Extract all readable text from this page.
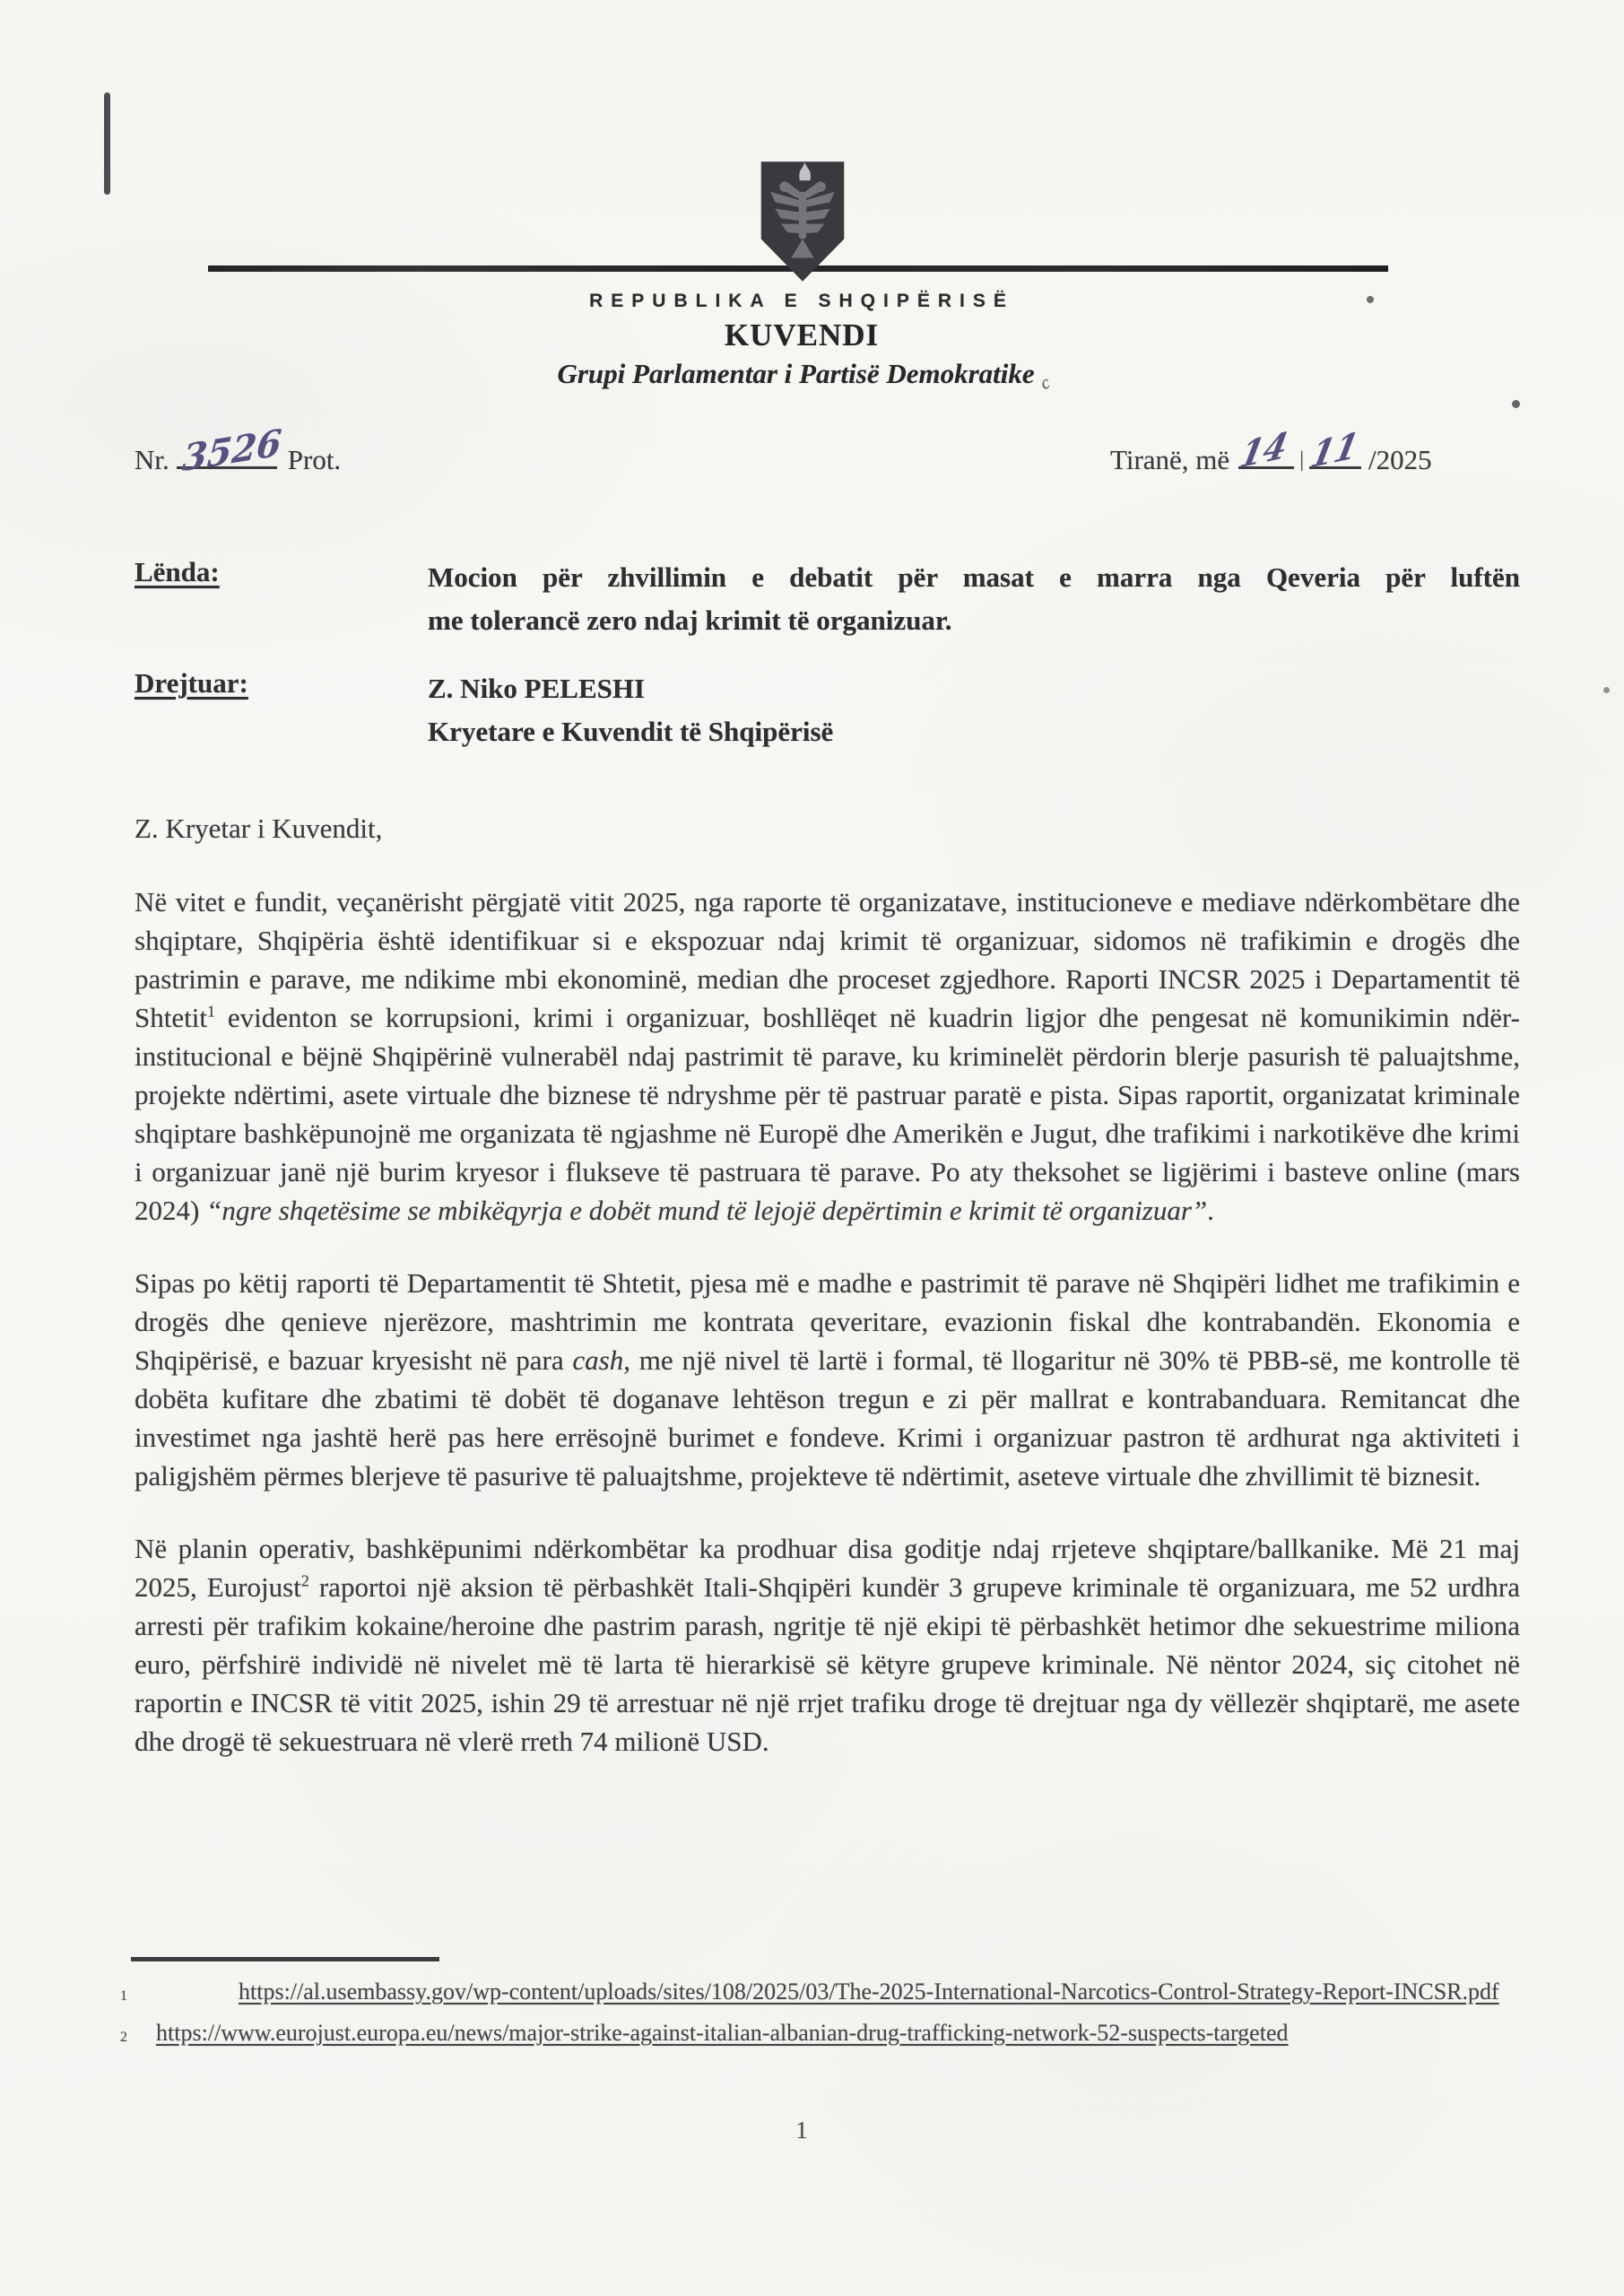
REPUBLIKA E SHQIPËRISË
KUVENDI
Grupi Parlamentar i Partisë Demokratike c
Nr. 3526 Prot.	Tiranë, më 14 | 11 /2025
Lënda:	Mocion për zhvillimin e debatit për masat e marra nga Qeveria për luftën
me tolerancë zero ndaj krimit të organizuar.
Drejtuar:	Z. Niko PELESHI
Kryetare e Kuvendit të Shqipërisë
Z. Kryetar i Kuvendit,

Në vitet e fundit, veçanërisht përgjatë vitit 2025, nga raporte të organizatave, institucioneve e mediave ndërkombëtare dhe shqiptare, Shqipëria është identifikuar si e ekspozuar ndaj krimit të organizuar, sidomos në trafikimin e drogës dhe pastrimin e parave, me ndikime mbi ekonominë, median dhe proceset zgjedhore. Raporti INCSR 2025 i Departamentit të Shtetit$^1$ evidenton se korrupsioni, krimi i organizuar, boshllëqet në kuadrin ligjor dhe pengesat në komunikimin ndër-institucional e bëjnë Shqipërinë vulnerabël ndaj pastrimit të parave, ku kriminelët përdorin blerje pasurish të paluajtshme, projekte ndërtimi, asete virtuale dhe biznese të ndryshme për të pastruar paratë e pista. Sipas raportit, organizatat kriminale shqiptare bashkëpunojnë me organizata të ngjashme në Europë dhe Amerikën e Jugut, dhe trafikimi i narkotikëve dhe krimi i organizuar janë një burim kryesor i flukseve të pastruara të parave. Po aty theksohet se ligjërimi i basteve online (mars 2024) “ngre shqetësime se mbikëqyrja e dobët mund të lejojë depërtimin e krimit të organizuar”.

Sipas po këtij raporti të Departamentit të Shtetit, pjesa më e madhe e pastrimit të parave në Shqipëri lidhet me trafikimin e drogës dhe qenieve njerëzore, mashtrimin me kontrata qeveritare, evazionin fiskal dhe kontrabandën. Ekonomia e Shqipërisë, e bazuar kryesisht në para cash, me një nivel të lartë i formal, të llogaritur në 30% të PBB-së, me kontrolle të dobëta kufitare dhe zbatimi të dobët të doganave lehtëson tregun e zi për mallrat e kontrabanduara. Remitancat dhe investimet nga jashtë herë pas here errësojnë burimet e fondeve. Krimi i organizuar pastron të ardhurat nga aktiviteti i paligjshëm përmes blerjeve të pasurive të paluajtshme, projekteve të ndërtimit, aseteve virtuale dhe zhvillimit të biznesit.

Në planin operativ, bashkëpunimi ndërkombëtar ka prodhuar disa goditje ndaj rrjeteve shqiptare/ballkanike. Më 21 maj 2025, Eurojust$^2$ raportoi një aksion të përbashkët Itali-Shqipëri kundër 3 grupeve kriminale të organizuara, me 52 urdhra arresti për trafikim kokaine/heroine dhe pastrim parash, ngritje të një ekipi të përbashkët hetimor dhe sekuestrime miliona euro, përfshirë individë në nivelet më të larta të hierarkisë së këtyre grupeve kriminale. Në nëntor 2024, siç citohet në raportin e INCSR të vitit 2025, ishin 29 të arrestuar në një rrjet trafiku droge të drejtuar nga dy vëllezër shqiptarë, me asete dhe drogë të sekuestruara në vlerë rreth 74 milionë USD.

1	https://al.usembassy.gov/wp-content/uploads/sites/108/2025/03/The-2025-International-Narcotics-Control-Strategy-Report-INCSR.pdf
2 https://www.eurojust.europa.eu/news/major-strike-against-italian-albanian-drug-trafficking-network-52-suspects-targeted
1
